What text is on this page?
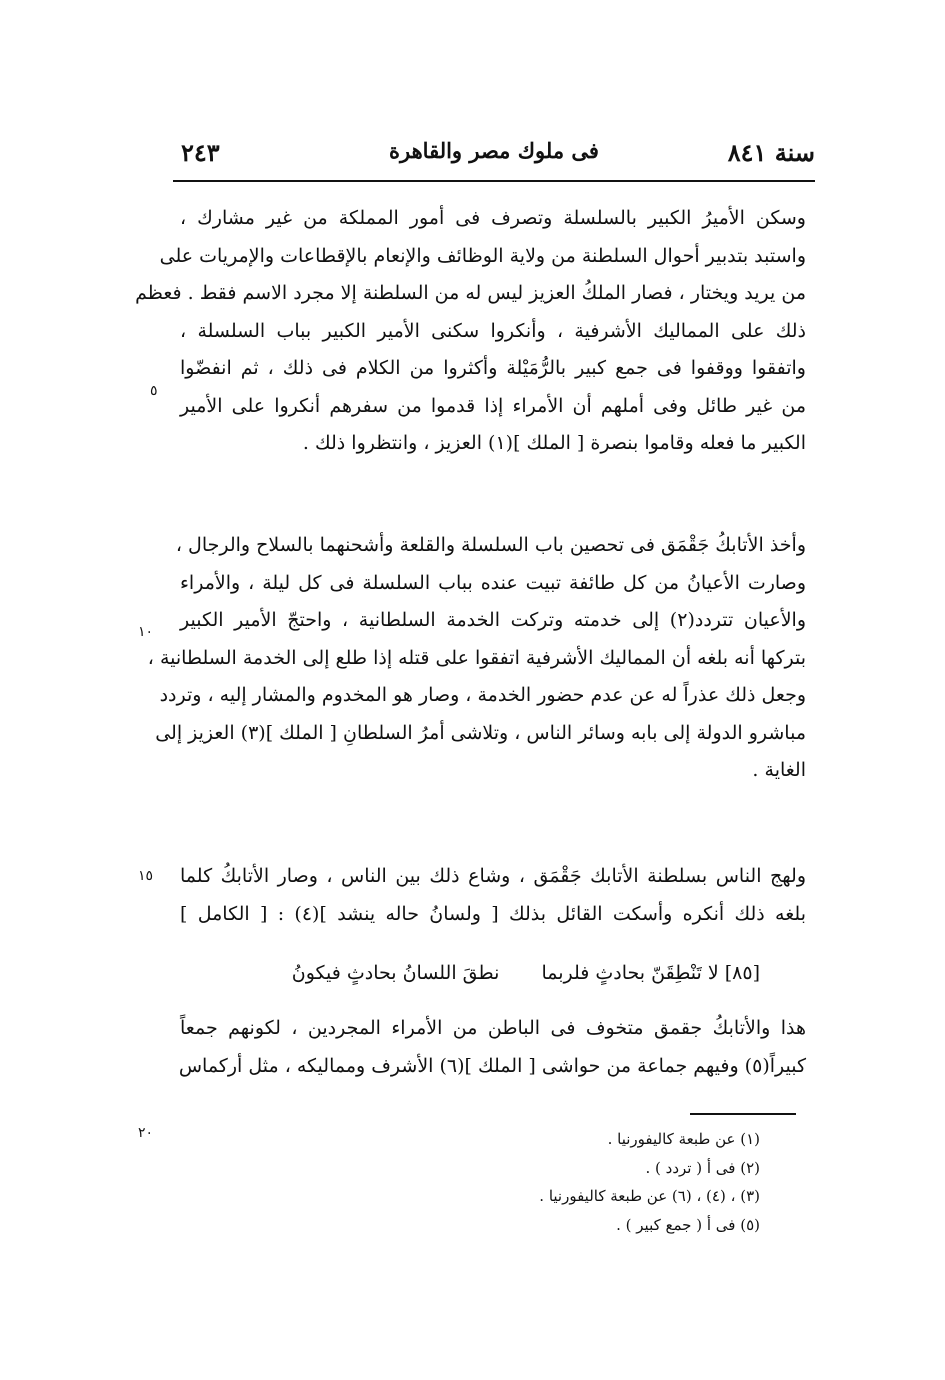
سنة ٨٤١
فى ملوك مصر والقاهرة
٢٤٣
وسكن الأميرُ الكبير بالسلسلة وتصرف فى أمور المملكة من غير مشارك ،
واستبد بتدبير أحوال السلطنة من ولاية الوظائف والإنعام بالإقطاعات والإمريات على
من يريد ويختار ، فصار الملكُ العزيز ليس له من السلطنة إلا مجرد الاسم فقط . فعظم
ذلك على المماليك الأشرفية ، وأنكروا سكنى الأمير الكبير بباب السلسلة ،
واتفقوا ووقفوا فى جمع كبير بالرُّمَيْلة وأكثروا من الكلام فى ذلك ، ثم انفضّوا
من غير طائل وفى أملهم أن الأمراء إذا قدموا من سفرهم أنكروا على الأمير
الكبير ما فعله وقاموا بنصرة [ الملك ](١) العزيز ، وانتظروا ذلك .
وأخذ الأتابكُ جَقْمَق فى تحصين باب السلسلة والقلعة وأشحنهما بالسلاح والرجال ،
وصارت الأعيانُ من كل طائفة تبيت عنده بباب السلسلة فى كل ليلة ، والأمراء
والأعيان تتردد(٢) إلى خدمته وتركت الخدمة السلطانية ، واحتجّ الأمير الكبير
بتركها أنه بلغه أن المماليك الأشرفية اتفقوا على قتله إذا طلع إلى الخدمة السلطانية ،
وجعل ذلك عذراً له عن عدم حضور الخدمة ، وصار هو المخدوم والمشار إليه ، وتردد
مباشرو الدولة إلى بابه وسائر الناس ، وتلاشى أمرُ السلطانِ [ الملك ](٣) العزيز إلى
الغاية .
ولهج الناس بسلطنة الأتابك جَقْمَق ، وشاع ذلك بين الناس ، وصار الأتابكُ كلما
بلغه ذلك أنكره وأسكت القائل بذلك [ ولسانُ حاله ينشد ](٤) : [ الكامل ]
[٨٥] لا تَنْطِقَنّ بحادثٍ فلربما نطقَ اللسانُ بحادثٍ فيكونُ
هذا والأتابكُ جقمق متخوف فى الباطن من الأمراء المجردين ، لكونهم جمعاً
كبيراً(٥) وفيهم جماعة من حواشى [ الملك ](٦) الأشرف ومماليكه ، مثل أركماس
٥
١٠
١٥
٢٠	(١) عن طبعة كاليفورنيا .
(٢) فى أ ( تردد ) .
(٣) ، (٤) ، (٦) عن طبعة كاليفورنيا .
(٥) فى أ ( جمع كبير ) .
